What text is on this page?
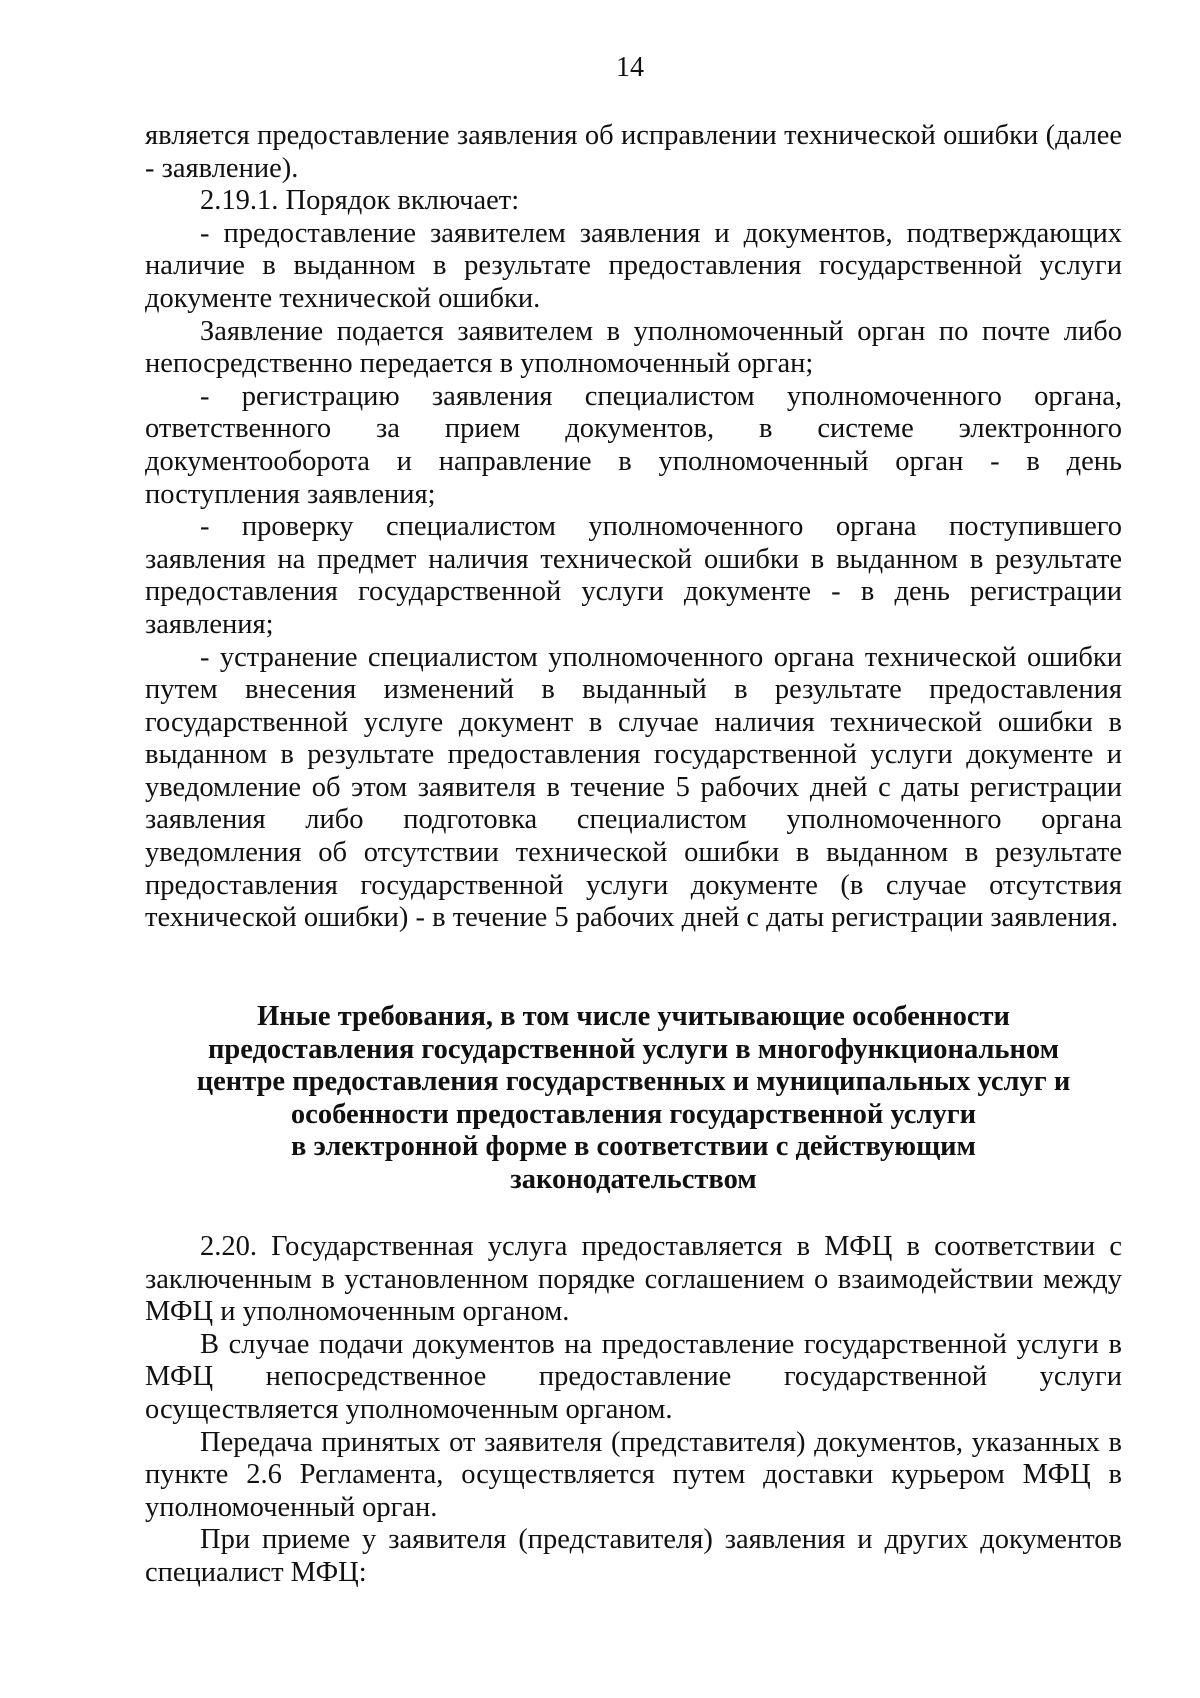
14

является предоставление заявления об исправлении технической ошибки (далее - заявление).

2.19.1. Порядок включает:

- предоставление заявителем заявления и документов, подтверждающих наличие в выданном в результате предоставления государственной услуги документе технической ошибки.

Заявление подается заявителем в уполномоченный орган по почте либо непосредственно передается в уполномоченный орган;

- регистрацию заявления специалистом уполномоченного органа, ответственного за прием документов, в системе электронного документооборота и направление в уполномоченный орган - в день поступления заявления;

- проверку специалистом уполномоченного органа поступившего заявления на предмет наличия технической ошибки в выданном в результате предоставления государственной услуги документе - в день регистрации заявления;

- устранение специалистом уполномоченного органа технической ошибки путем внесения изменений в выданный в результате предоставления государственной услуге документ в случае наличия технической ошибки в выданном в результате предоставления государственной услуги документе и уведомление об этом заявителя в течение 5 рабочих дней с даты регистрации заявления либо подготовка специалистом уполномоченного органа уведомления об отсутствии технической ошибки в выданном в результате предоставления государственной услуги документе (в случае отсутствия технической ошибки) - в течение 5 рабочих дней с даты регистрации заявления.

Иные требования, в том числе учитывающие особенности
предоставления государственной услуги в многофункциональном
центре предоставления государственных и муниципальных услуг и
особенности предоставления государственной услуги
в электронной форме в соответствии с действующим
законодательством

2.20. Государственная услуга предоставляется в МФЦ в соответствии с заключенным в установленном порядке соглашением о взаимодействии между МФЦ и уполномоченным органом.

В случае подачи документов на предоставление государственной услуги в МФЦ непосредственное предоставление государственной услуги осуществляется уполномоченным органом.

Передача принятых от заявителя (представителя) документов, указанных в пункте 2.6 Регламента, осуществляется путем доставки курьером МФЦ в уполномоченный орган.

При приеме у заявителя (представителя) заявления и других документов специалист МФЦ:
